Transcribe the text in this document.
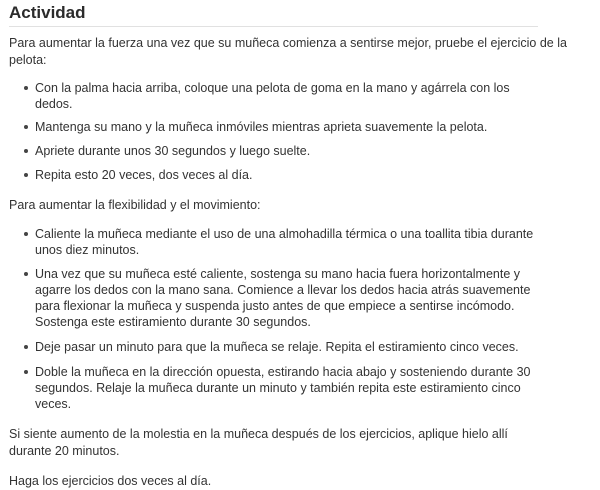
Actividad

Para aumentar la fuerza una vez que su muñeca comienza a sentirse mejor, pruebe el ejercicio de la pelota:

Con la palma hacia arriba, coloque una pelota de goma en la mano y agárrela con los dedos.
Mantenga su mano y la muñeca inmóviles mientras aprieta suavemente la pelota.
Apriete durante unos 30 segundos y luego suelte.
Repita esto 20 veces, dos veces al día.

Para aumentar la flexibilidad y el movimiento:

Caliente la muñeca mediante el uso de una almohadilla térmica o una toallita tibia durante unos diez minutos.
Una vez que su muñeca esté caliente, sostenga su mano hacia fuera horizontalmente y agarre los dedos con la mano sana. Comience a llevar los dedos hacia atrás suavemente para flexionar la muñeca y suspenda justo antes de que empiece a sentirse incómodo. Sostenga este estiramiento durante 30 segundos.
Deje pasar un minuto para que la muñeca se relaje. Repita el estiramiento cinco veces.
Doble la muñeca en la dirección opuesta, estirando hacia abajo y sosteniendo durante 30 segundos. Relaje la muñeca durante un minuto y también repita este estiramiento cinco veces.

Si siente aumento de la molestia en la muñeca después de los ejercicios, aplique hielo allí durante 20 minutos.

Haga los ejercicios dos veces al día.
